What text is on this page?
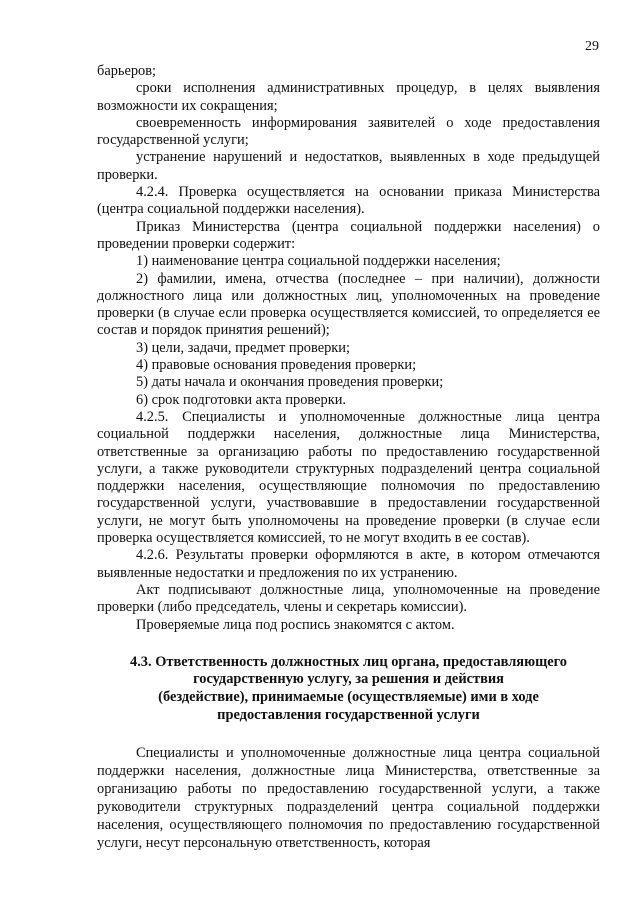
29

барьеров;

сроки исполнения административных процедур, в целях выявления возможности их сокращения;

своевременность информирования заявителей о ходе предоставления государственной услуги;

устранение нарушений и недостатков, выявленных в ходе предыдущей проверки.

4.2.4. Проверка осуществляется на основании приказа Министерства (центра социальной поддержки населения).

Приказ Министерства (центра социальной поддержки населения) о проведении проверки содержит:

1) наименование центра социальной поддержки населения;

2) фамилии, имена, отчества (последнее – при наличии), должности должностного лица или должностных лиц, уполномоченных на проведение проверки (в случае если проверка осуществляется комиссией, то определяется ее состав и порядок принятия решений);

3) цели, задачи, предмет проверки;

4) правовые основания проведения проверки;

5) даты начала и окончания проведения проверки;

6) срок подготовки акта проверки.

4.2.5. Специалисты и уполномоченные должностные лица центра социальной поддержки населения, должностные лица Министерства, ответственные за организацию работы по предоставлению государственной услуги, а также руководители структурных подразделений центра социальной поддержки населения, осуществляющие полномочия по предоставлению государственной услуги, участвовавшие в предоставлении государственной услуги, не могут быть уполномочены на проведение проверки (в случае если проверка осуществляется комиссией, то не могут входить в ее состав).

4.2.6. Результаты проверки оформляются в акте, в котором отмечаются выявленные недостатки и предложения по их устранению.

Акт подписывают должностные лица, уполномоченные на проведение проверки (либо председатель, члены и секретарь комиссии).

Проверяемые лица под роспись знакомятся с актом.

4.3. Ответственность должностных лиц органа, предоставляющего
государственную услугу, за решения и действия
(бездействие), принимаемые (осуществляемые) ими в ходе
предоставления государственной услуги

Специалисты и уполномоченные должностные лица центра социальной поддержки населения, должностные лица Министерства, ответственные за организацию работы по предоставлению государственной услуги, а также руководители структурных подразделений центра социальной поддержки населения, осуществляющего полномочия по предоставлению государственной услуги, несут персональную ответственность, которая
